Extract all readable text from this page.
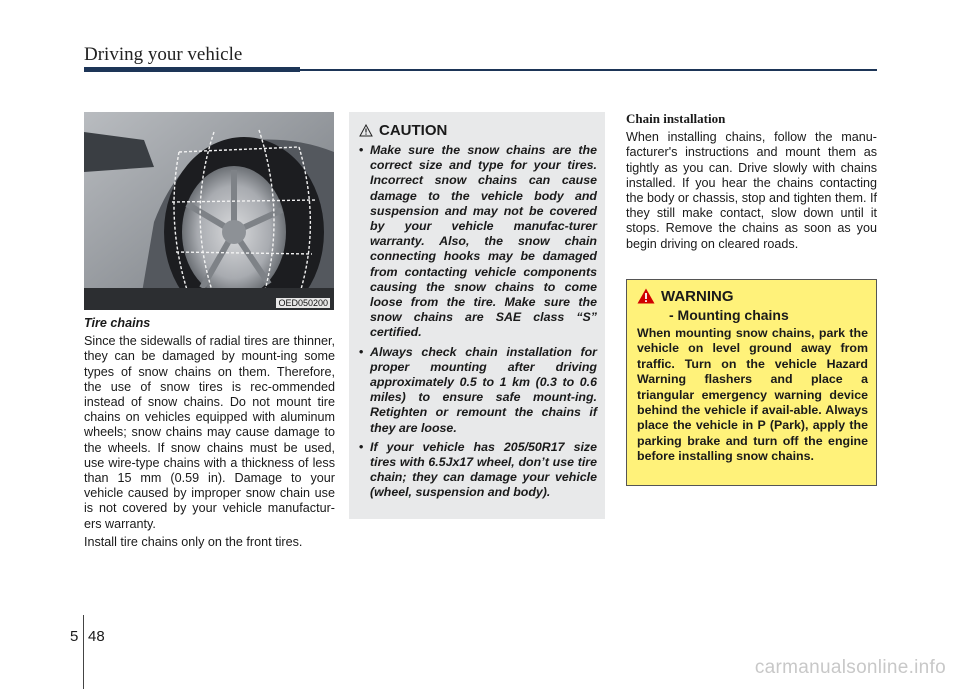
Driving your vehicle
OED050200
Tire chains

Since the sidewalls of radial tires are thinner, they can be damaged by mount-ing some types of snow chains on them. Therefore, the use of snow tires is rec-ommended instead of snow chains. Do not mount tire chains on vehicles equipped with aluminum wheels; snow chains may cause damage to the wheels. If snow chains must be used, use wire-type chains with a thickness of less than 15 mm (0.59 in). Damage to your vehicle caused by improper snow chain use is not covered by your vehicle manufactur-ers warranty.

Install tire chains only on the front tires.

CAUTION
• Make sure the snow chains are the correct size and type for your tires. Incorrect snow chains can cause damage to the vehicle body and suspension and may not be covered by your vehicle manufac-turer warranty. Also, the snow chain connecting hooks may be damaged from contacting vehicle components causing the snow chains to come loose from the tire. Make sure the snow chains are SAE class “S” certified.
• Always check chain installation for proper mounting after driving approximately 0.5 to 1 km (0.3 to 0.6 miles) to ensure safe mount-ing. Retighten or remount the chains if they are loose.
• If your vehicle has 205/50R17 size tires with 6.5Jx17 wheel, don’t use tire chain; they can damage your vehicle (wheel, suspension and body).
Chain installation

When installing chains, follow the manu-facturer's instructions and mount them as tightly as you can. Drive slowly with chains installed. If you hear the chains contacting the body or chassis, stop and tighten them. If they still make contact, slow down until it stops. Remove the chains as soon as you begin driving on cleared roads.

WARNING
- Mounting chains
When mounting snow chains, park the vehicle on level ground away from traffic. Turn on the vehicle Hazard Warning flashers and place a triangular emergency warning device behind the vehicle if avail-able. Always place the vehicle in P (Park), apply the parking brake and turn off the engine before installing snow chains.
5 48
carmanualsonline.info
